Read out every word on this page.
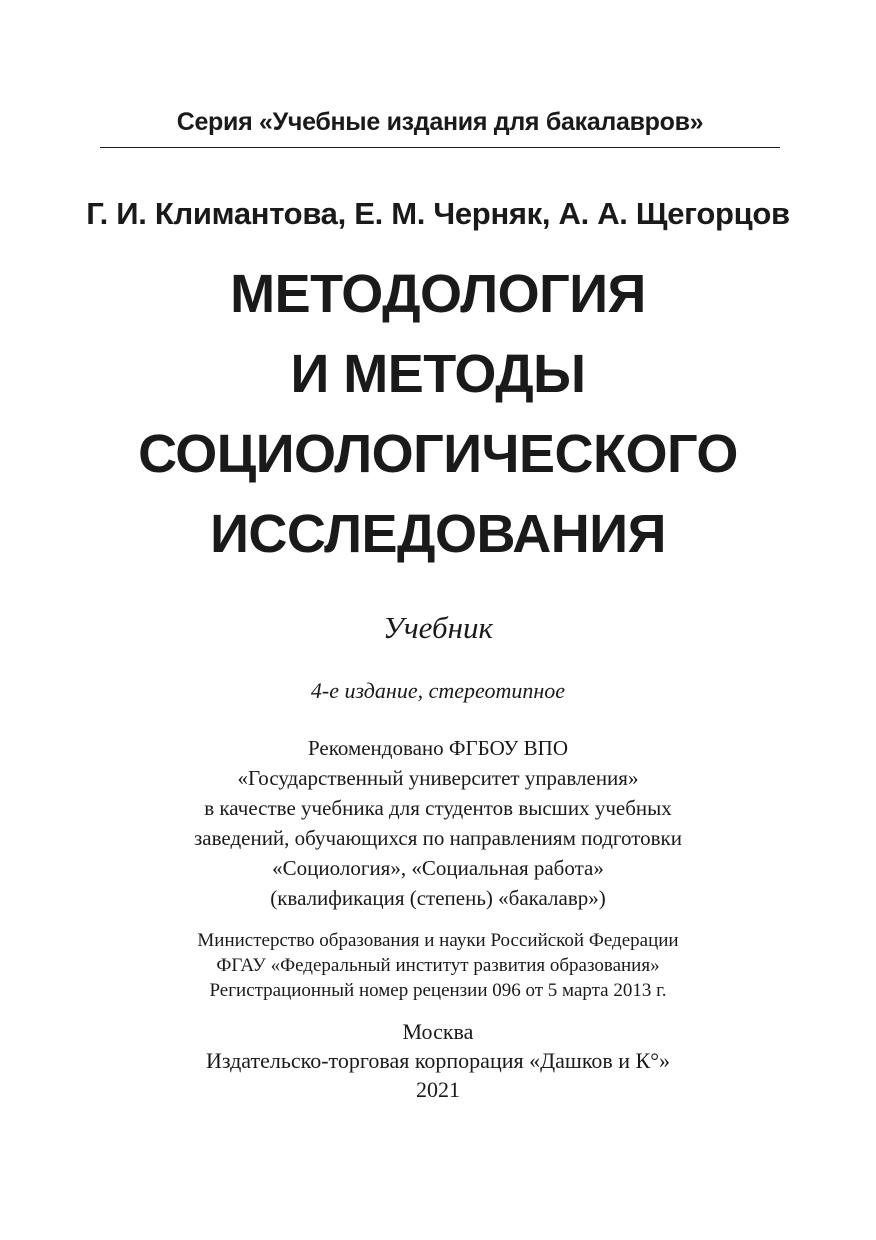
Серия «Учебные издания для бакалавров»
Г. И. Климантова, Е. М. Черняк, А. А. Щегорцов
МЕТОДОЛОГИЯ
И МЕТОДЫ
СОЦИОЛОГИЧЕСКОГО
ИССЛЕДОВАНИЯ
Учебник
4-е издание, стереотипное
Рекомендовано ФГБОУ ВПО
«Государственный университет управления»
в качестве учебника для студентов высших учебных
заведений, обучающихся по направлениям подготовки
«Социология», «Социальная работа»
(квалификация (степень) «бакалавр»)
Министерство образования и науки Российской Федерации
ФГАУ «Федеральный институт развития образования»
Регистрационный номер рецензии 096 от 5 марта 2013 г.
Москва
Издательско-торговая корпорация «Дашков и К°»
2021
